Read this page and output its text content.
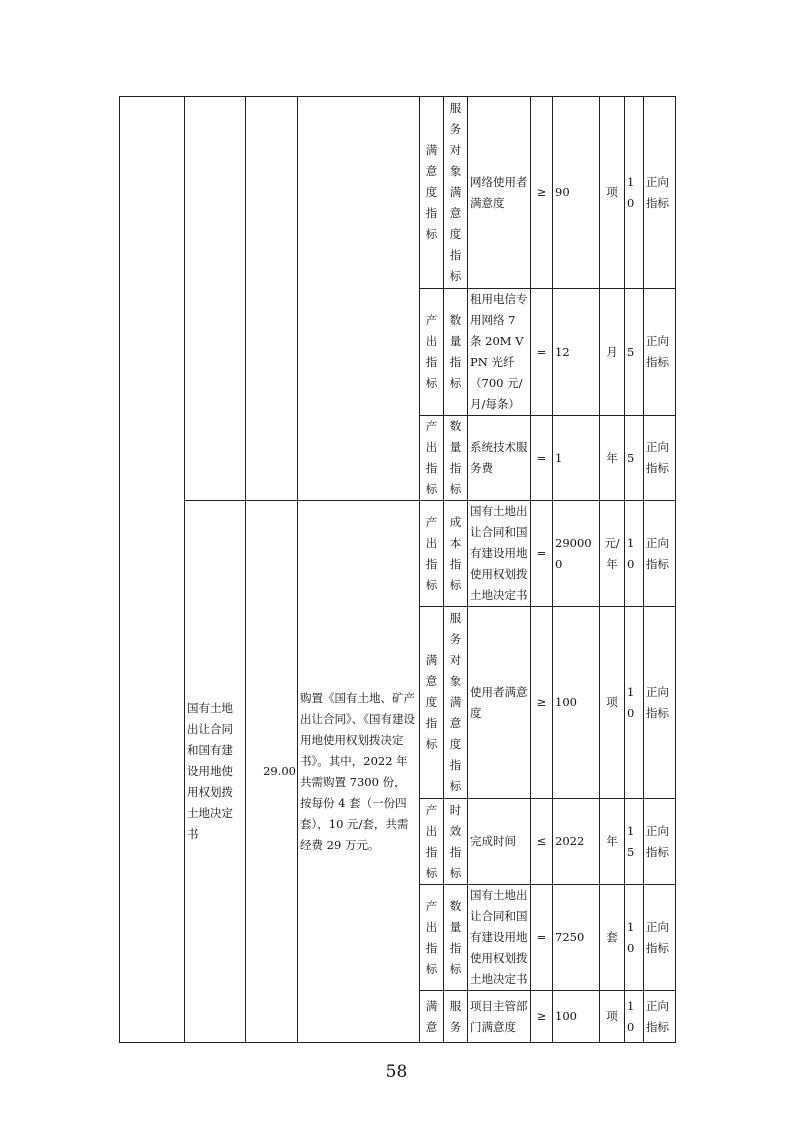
				满意度指标	服务对象满意度指标	网络使用者满意度	≥	90	项	10	正向指标

				产出指标	数量指标	租用电信专用网络 7 条 20M VPN 光纤（700 元/月/每条）	=	12	月	5	正向指标

				产出指标	数量指标	系统技术服务费	=	1	年	5	正向指标
	国有土地出让合同和国有建设用地使用权划拨土地决定书	29.00	购置《国有土地、矿产出让合同》、《国有建设用地使用权划拨决定书》。其中，2022 年共需购置 7300 份，按每份 4 套（一份四套），10 元/套，共需经费 29 万元。	产出指标	成本指标	国有土地出让合同和国有建设用地使用权划拨土地决定书	=	290000	元/年	10	正向指标

				满意度指标	服务对象满意度指标	使用者满意度	≥	100	项	10	正向指标

				产出指标	时效指标	完成时间	≤	2022	年	15	正向指标

				产出指标	数量指标	国有土地出让合同和国有建设用地使用权划拨土地决定书	=	7250	套	10	正向指标

				满意	服务	项目主管部门满意度	≥	100	项	10	正向指标
58
